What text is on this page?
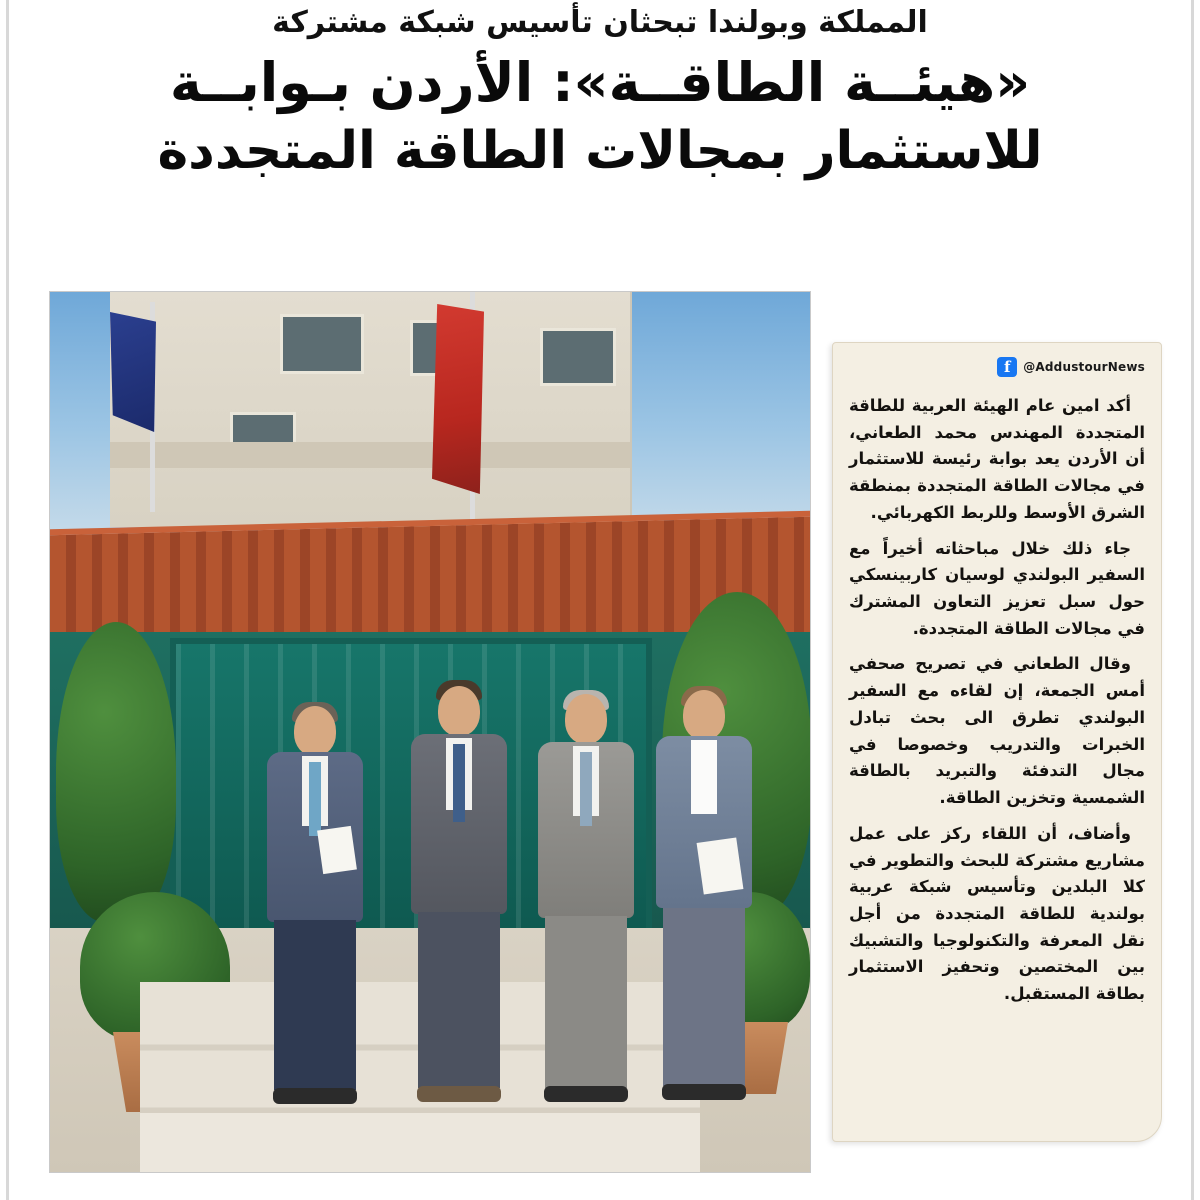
المملكة وبولندا تبحثان تأسيس شبكة مشتركة
«هيئــة الطاقــة»: الأردن بـوابــة
للاستثمار بمجالات الطاقة المتجددة
f	@AddustourNews

أكد امين عام الهيئة العربية للطاقة المتجددة المهندس محمد الطعاني، أن الأردن يعد بوابة رئيسة للاستثمار في مجالات الطاقة المتجددة بمنطقة الشرق الأوسط وللربط الكهربائي.

جاء ذلك خلال مباحثاته أخيراً مع السفير البولندي لوسيان كاربينسكي حول سبل تعزيز التعاون المشترك في مجالات الطاقة المتجددة.

وقال الطعاني في تصريح صحفي أمس الجمعة، إن لقاءه مع السفير البولندي تطرق الى بحث تبادل الخبرات والتدريب وخصوصا في مجال التدفئة والتبريد بالطاقة الشمسية وتخزين الطاقة.

وأضاف، أن اللقاء ركز على عمل مشاريع مشتركة للبحث والتطوير في كلا البلدين وتأسيس شبكة عربية بولندية للطاقة المتجددة من أجل نقل المعرفة والتكنولوجيا والتشبيك بين المختصين وتحفيز الاستثمار بطاقة المستقبل.
